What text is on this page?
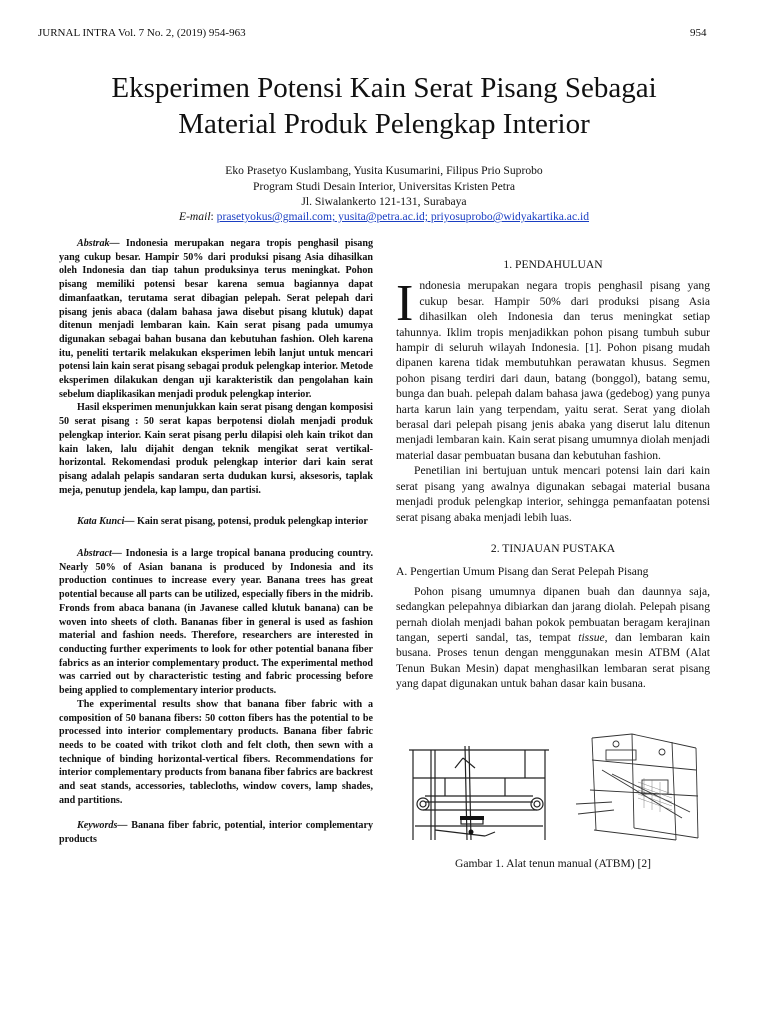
JURNAL INTRA Vol. 7 No. 2, (2019) 954-963	954
Eksperimen Potensi Kain Serat Pisang Sebagai
Material Produk Pelengkap Interior
Eko Prasetyo Kuslambang, Yusita Kusumarini, Filipus Prio Suprobo
Program Studi Desain Interior, Universitas Kristen Petra
Jl. Siwalankerto 121-131, Surabaya
E-mail: prasetyokus@gmail.com; yusita@petra.ac.id; priyosuprobo@widyakartika.ac.id

Abstrak— Indonesia merupakan negara tropis penghasil pisang yang cukup besar. Hampir 50% dari produksi pisang Asia dihasilkan oleh Indonesia dan tiap tahun produksinya terus meningkat. Pohon pisang memiliki potensi besar karena semua bagiannya dapat dimanfaatkan, terutama serat dibagian pelepah. Serat pelepah dari pisang jenis abaca (dalam bahasa jawa disebut pisang klutuk) dapat ditenun menjadi lembaran kain. Kain serat pisang pada umumya digunakan sebagai bahan busana dan kebutuhan fashion. Oleh karena itu, peneliti tertarik melakukan eksperimen lebih lanjut untuk mencari potensi lain kain serat pisang sebagai produk pelengkap interior. Metode eksperimen dilakukan dengan uji karakteristik dan pengolahan kain sebelum diaplikasikan menjadi produk pelengkap interior.

Hasil eksperimen menunjukkan kain serat pisang dengan komposisi 50 serat pisang : 50 serat kapas berpotensi diolah menjadi produk pelengkap interior. Kain serat pisang perlu dilapisi oleh kain trikot dan kain laken, lalu dijahit dengan teknik mengikat serat vertikal-horizontal. Rekomendasi produk pelengkap interior dari kain serat pisang adalah pelapis sandaran serta dudukan kursi, aksesoris, taplak meja, penutup jendela, kap lampu, dan partisi.

Kata Kunci— Kain serat pisang, potensi, produk pelengkap interior

Abstract— Indonesia is a large tropical banana producing country. Nearly 50% of Asian banana is produced by Indonesia and its production continues to increase every year. Banana trees has great potential because all parts can be utilized, especially fibers in the midrib. Fronds from abaca banana (in Javanese called klutuk banana) can be woven into sheets of cloth. Bananas fiber in general is used as fashion material and fashion needs. Therefore, researchers are interested in conducting further experiments to look for other potential banana fiber fabrics as an interior complementary product. The experimental method was carried out by characteristic testing and fabric processing before being applied to complementary interior products.

The experimental results show that banana fiber fabric with a composition of 50 banana fibers: 50 cotton fibers has the potential to be processed into interior complementary products. Banana fiber fabric needs to be coated with trikot cloth and felt cloth, then sewn with a technique of binding horizontal-vertical fibers. Recommendations for interior complementary products from banana fiber fabrics are backrest and seat stands, accessories, tablecloths, window covers, lamp shades, and partitions.

Keywords— Banana fiber fabric, potential, interior complementary products

1. PENDAHULUAN

Indonesia merupakan negara tropis penghasil pisang yang cukup besar. Hampir 50% dari produksi pisang Asia dihasilkan oleh Indonesia dan terus meningkat setiap tahunnya. Iklim tropis menjadikkan pohon pisang tumbuh subur hampir di seluruh wilayah Indonesia. [1]. Pohon pisang mudah dipanen karena tidak membutuhkan perawatan khusus. Segmen pohon pisang terdiri dari daun, batang (bonggol), batang semu, bunga dan buah. pelepah dalam bahasa jawa (gedebog) yang punya harta karun lain yang terpendam, yaitu serat. Serat yang diolah berasal dari pelepah pisang jenis abaka yang diserut lalu ditenun menjadi lembaran kain. Kain serat pisang umumnya diolah menjadi material dasar pembuatan busana dan kebutuhan fashion.

Penetilian ini bertujuan untuk mencari potensi lain dari kain serat pisang yang awalnya digunakan sebagai material busana menjadi produk pelengkap interior, sehingga pemanfaatan potensi serat pisang abaka menjadi lebih luas.

2. TINJAUAN PUSTAKA

A. Pengertian Umum Pisang dan Serat Pelepah Pisang

Pohon pisang umumnya dipanen buah dan daunnya saja, sedangkan pelepahnya dibiarkan dan jarang diolah. Pelepah pisang pernah diolah menjadi bahan pokok pembuatan beragam kerajinan tangan, seperti sandal, tas, tempat tissue, dan lembaran kain busana. Proses tenun dengan menggunakan mesin ATBM (Alat Tenun Bukan Mesin) dapat menghasilkan lembaran serat pisang yang dapat digunakan untuk bahan dasar kain busana.

Gambar 1. Alat tenun manual (ATBM) [2]
